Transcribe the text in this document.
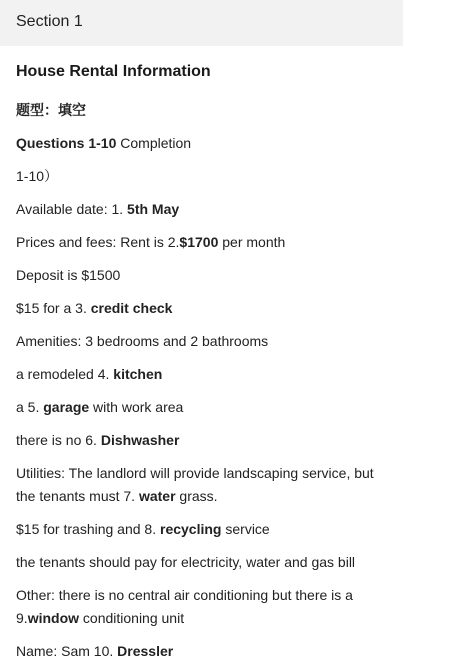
Section 1
House Rental Information
题型：填空
Questions 1-10 Completion
1-10）
Available date: 1. 5th May
Prices and fees: Rent is 2.$1700 per month
Deposit is $1500
$15 for a 3. credit check
Amenities: 3 bedrooms and 2 bathrooms
a remodeled 4. kitchen
a 5. garage with work area
there is no 6. Dishwasher
Utilities: The landlord will provide landscaping service, but
the tenants must 7. water grass.
$15 for trashing and 8. recycling service
the tenants should pay for electricity, water and gas bill
Other: there is no central air conditioning but there is a
9.window conditioning unit
Name: Sam 10. Dressler
